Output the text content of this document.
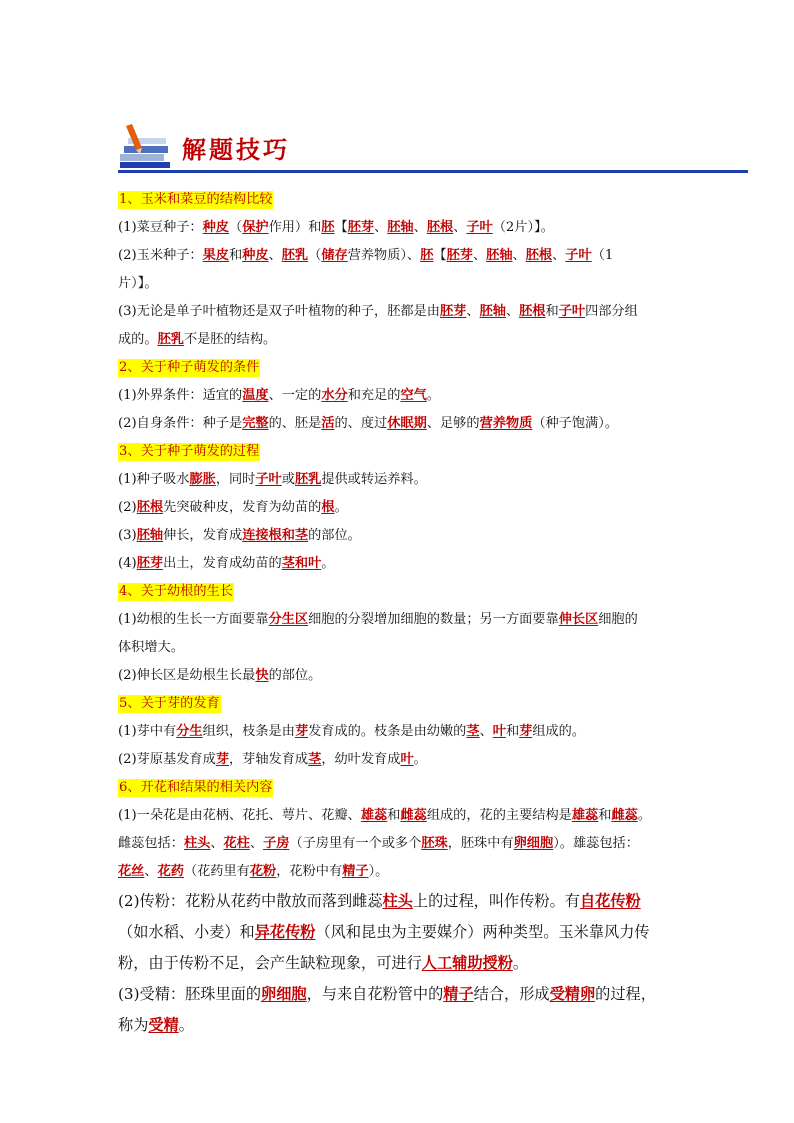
解题技巧
1、玉米和菜豆的结构比较
(1)菜豆种子：种皮（保护作用）和胚【胚芽、胚轴、胚根、子叶（2片）】。
(2)玉米种子：果皮和种皮、胚乳（储存营养物质）、胚【胚芽、胚轴、胚根、子叶（1
片）】。
(3)无论是单子叶植物还是双子叶植物的种子，胚都是由胚芽、胚轴、胚根和子叶四部分组
成的。胚乳不是胚的结构。
2、关于种子萌发的条件
(1)外界条件：适宜的温度、一定的水分和充足的空气。
(2)自身条件：种子是完整的、胚是活的、度过休眠期、足够的营养物质（种子饱满）。
3、关于种子萌发的过程
(1)种子吸水膨胀，同时子叶或胚乳提供或转运养料。
(2)胚根先突破种皮，发育为幼苗的根。
(3)胚轴伸长，发育成连接根和茎的部位。
(4)胚芽出土，发育成幼苗的茎和叶。
4、关于幼根的生长
(1)幼根的生长一方面要靠分生区细胞的分裂增加细胞的数量；另一方面要靠伸长区细胞的
体积增大。
(2)伸长区是幼根生长最快的部位。
5、关于芽的发育
(1)芽中有分生组织，枝条是由芽发育成的。枝条是由幼嫩的茎、叶和芽组成的。
(2)芽原基发育成芽，芽轴发育成茎，幼叶发育成叶。
6、开花和结果的相关内容
(1)一朵花是由花柄、花托、萼片、花瓣、雄蕊和雌蕊组成的，花的主要结构是雄蕊和雌蕊。
雌蕊包括：柱头、花柱、子房（子房里有一个或多个胚珠，胚珠中有卵细胞）。雄蕊包括：
花丝、花药（花药里有花粉，花粉中有精子）。
(2)传粉：花粉从花药中散放而落到雌蕊柱头上的过程，叫作传粉。有自花传粉
（如水稻、小麦）和异花传粉（风和昆虫为主要媒介）两种类型。玉米靠风力传
粉，由于传粉不足，会产生缺粒现象，可进行人工辅助授粉。
(3)受精：胚珠里面的卵细胞，与来自花粉管中的精子结合，形成受精卵的过程，
称为受精。
